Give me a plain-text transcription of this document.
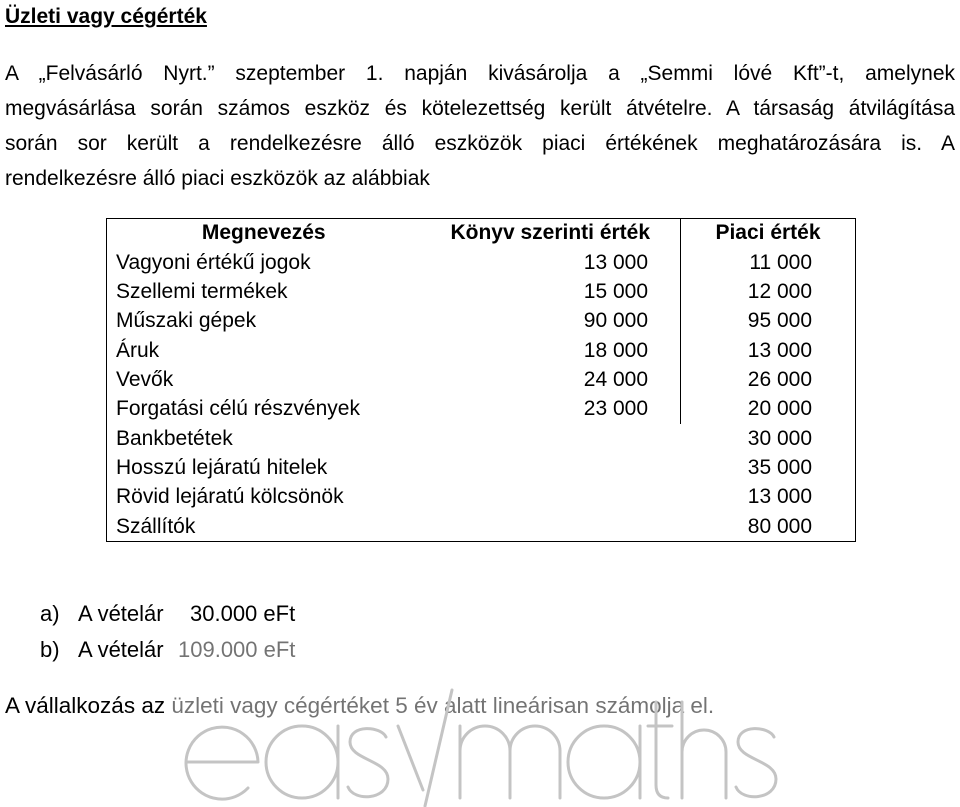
Üzleti vagy cégérték
A „Felvásárló Nyrt.” szeptember 1. napján kivásárolja a „Semmi lóvé Kft”-t, amelynek
megvásárlása során számos eszköz és kötelezettség került átvételre. A társaság átvilágítása
során sor került a rendelkezésre álló eszközök piaci értékének meghatározására is. A
rendelkezésre álló piaci eszközök az alábbiak
Megnevezés	Könyv szerinti érték	Piaci érték
Vagyoni értékű jogok	13 000	11 000
Szellemi termékek	15 000	12 000
Műszaki gépek	90 000	95 000
Áruk	18 000	13 000
Vevők	24 000	26 000
Forgatási célú részvények	23 000	20 000
Bankbetétek		30 000
Hosszú lejáratú hitelek		35 000
Rövid lejáratú kölcsönök		13 000
Szállítók		80 000
a) A vételár 30.000 eFt
b) A vételár 109.000 eFt
A vállalkozás az üzleti vagy cégértéket 5 év alatt lineárisan számolja el.
